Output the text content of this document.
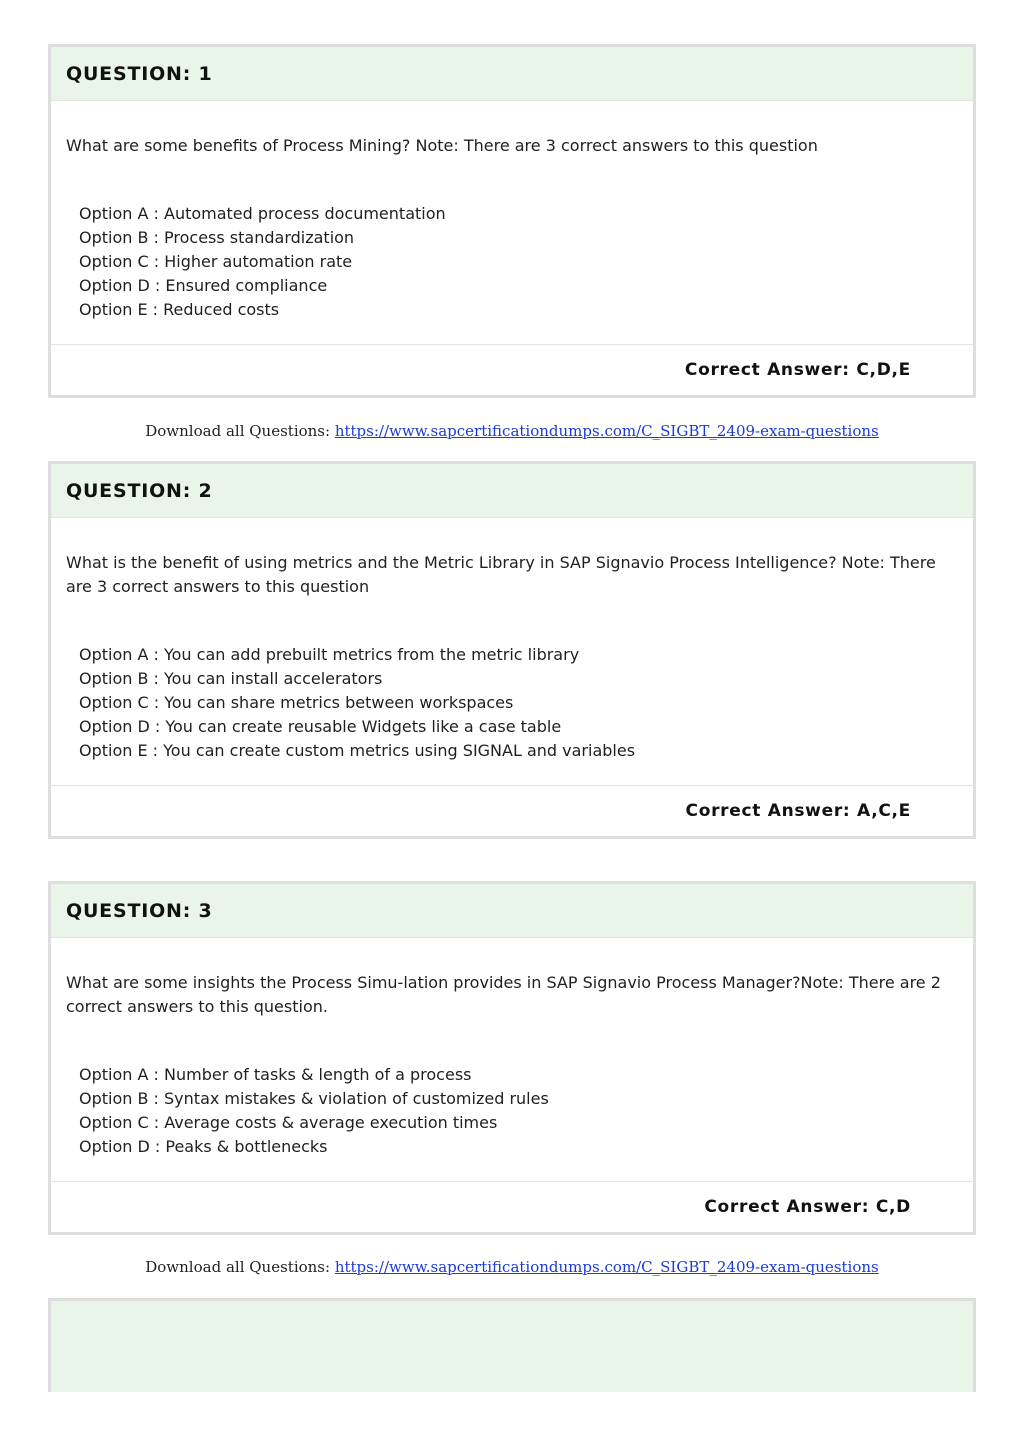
QUESTION: 1
What are some benefits of Process Mining? Note: There are 3 correct answers to this question
Option A : Automated process documentation
Option B : Process standardization
Option C : Higher automation rate
Option D : Ensured compliance
Option E : Reduced costs
Correct Answer: C,D,E
Download all Questions: https://www.sapcertificationdumps.com/C_SIGBT_2409-exam-questions
QUESTION: 2
What is the benefit of using metrics and the Metric Library in SAP Signavio Process Intelligence? Note: There are 3 correct answers to this question
Option A : You can add prebuilt metrics from the metric library
Option B : You can install accelerators
Option C : You can share metrics between workspaces
Option D : You can create reusable Widgets like a case table
Option E : You can create custom metrics using SIGNAL and variables
Correct Answer: A,C,E
QUESTION: 3
What are some insights the Process Simu-lation provides in SAP Signavio Process Manager?Note: There are 2 correct answers to this question.
Option A : Number of tasks & length of a process
Option B : Syntax mistakes & violation of customized rules
Option C : Average costs & average execution times
Option D : Peaks & bottlenecks
Correct Answer: C,D
Download all Questions: https://www.sapcertificationdumps.com/C_SIGBT_2409-exam-questions
